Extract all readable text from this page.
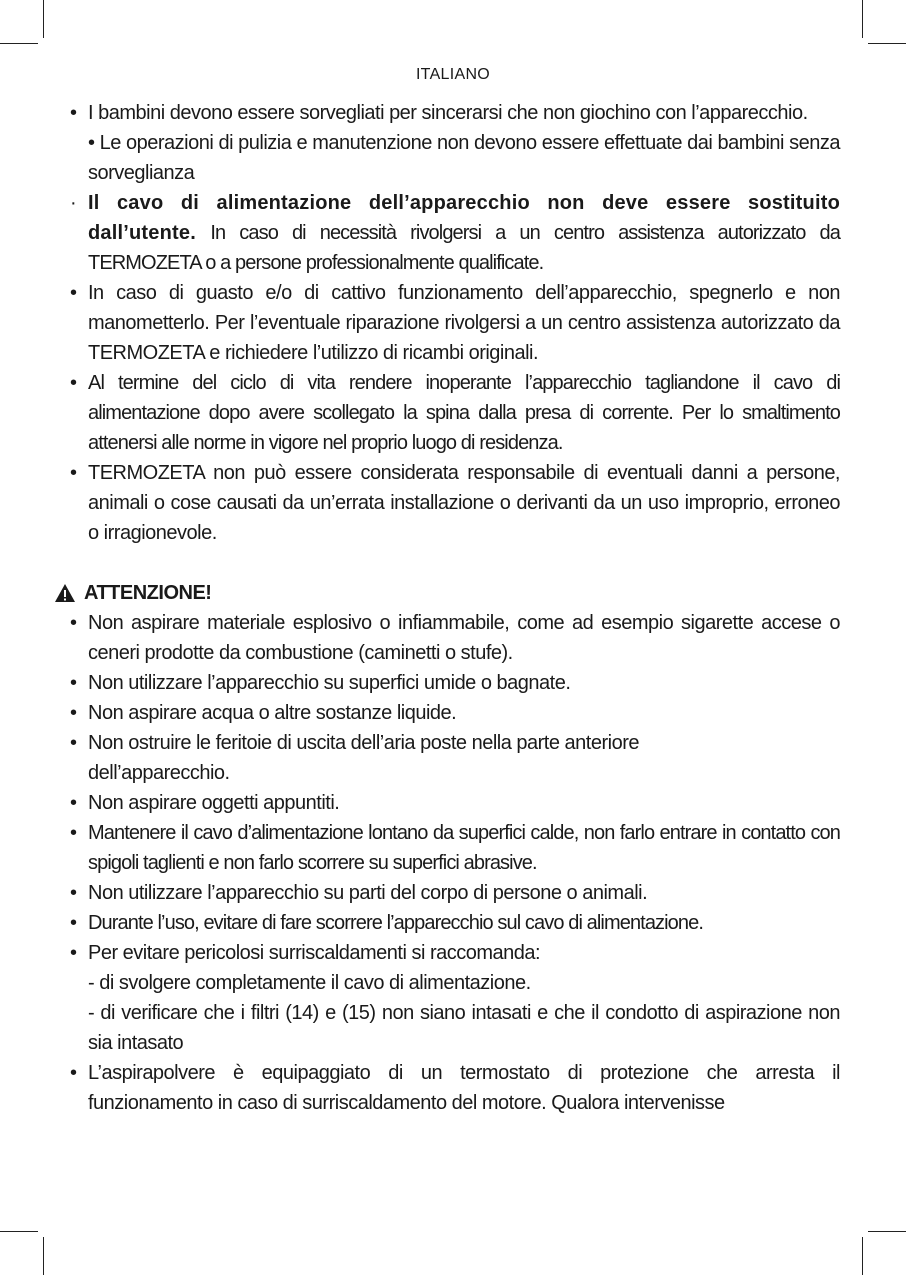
ITALIANO
• I bambini devono essere sorvegliati per sincerarsi che non giochino con l’apparecchio.

• Le operazioni di pulizia e manutenzione non devono essere effettuate dai bambini senza sorveglianza

· Il cavo di alimentazione dell’apparecchio non deve essere sostituito dall’utente. In caso di necessità rivolgersi a un centro assistenza autorizzato da TERMOZETA o a persone professionalmente qualificate.
• In caso di guasto e/o di cattivo funzionamento dell’apparecchio, spegnerlo e non manometterlo. Per l’eventuale riparazione rivolgersi a un centro assistenza autorizzato da TERMOZETA e richiedere l’utilizzo di ricambi originali.
• Al termine del ciclo di vita rendere inoperante l’apparecchio tagliandone il cavo di alimentazione dopo avere scollegato la spina dalla presa di corrente. Per lo smaltimento attenersi alle norme in vigore nel proprio luogo di residenza.
• TERMOZETA non può essere considerata responsabile di eventuali danni a persone, animali o cose causati da un’errata installazione o derivanti da un uso improprio, erroneo o irragionevole.
ATTENZIONE!
• Non aspirare materiale esplosivo o infiammabile, come ad esempio sigarette accese o ceneri prodotte da combustione (caminetti o stufe).
• Non utilizzare l’apparecchio su superfici umide o bagnate.
• Non aspirare acqua o altre sostanze liquide.
• Non ostruire le feritoie di uscita dell’aria poste nella parte anteriore dell’apparecchio.
• Non aspirare oggetti appuntiti.
• Mantenere il cavo d’alimentazione lontano da superfici calde, non farlo entrare in contatto con spigoli taglienti e non farlo scorrere su superfici abrasive.
• Non utilizzare l’apparecchio su parti del corpo di persone o animali.
• Durante l’uso, evitare di fare scorrere l’apparecchio sul cavo di alimentazione.
• Per evitare pericolosi surriscaldamenti si raccomanda:

- di svolgere completamente il cavo di alimentazione.

- di verificare che i filtri (14) e (15) non siano intasati e che il condotto di aspirazione non sia intasato

• L’aspirapolvere è equipaggiato di un termostato di protezione che arresta il funzionamento in caso di surriscaldamento del motore. Qualora intervenisse
